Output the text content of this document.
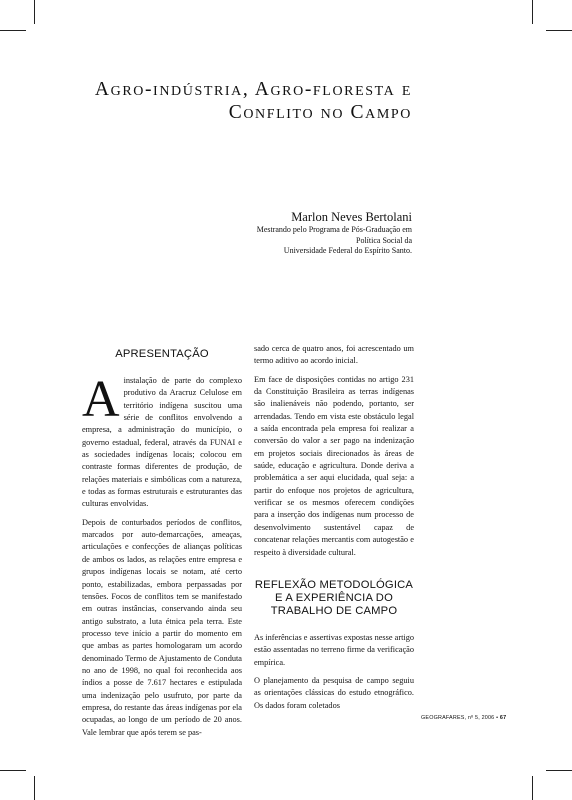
Agro-indústria, Agro-floresta e
Conflito no Campo
Marlon Neves Bertolani
Mestrando pelo Programa de Pós-Graduação em
Política Social da
Universidade Federal do Espírito Santo.
APRESENTAÇÃO

Ainstalação de parte do complexo produtivo da Aracruz Celulose em território indígena suscitou uma série de conflitos envolvendo a empresa, a administração do município, o governo estadual, federal, através da FUNAI e as sociedades indígenas locais; colocou em contraste formas diferentes de produção, de relações materiais e simbólicas com a natureza, e todas as formas estruturais e estruturantes das culturas envolvidas.

Depois de conturbados períodos de conflitos, marcados por auto-demarcações, ameaças, articulações e confecções de alianças políticas de ambos os lados, as relações entre empresa e grupos indígenas locais se notam, até certo ponto, estabilizadas, embora perpassadas por tensões. Focos de conflitos tem se manifestado em outras instâncias, conservando ainda seu antigo substrato, a luta étnica pela terra. Este processo teve início a partir do momento em que ambas as partes homologaram um acordo denominado Termo de Ajustamento de Conduta no ano de 1998, no qual foi reconhecida aos índios a posse de 7.617 hectares e estipulada uma indenização pelo usufruto, por parte da empresa, do restante das áreas indígenas por ela ocupadas, ao longo de um período de 20 anos. Vale lembrar que após terem se pas-

sado cerca de quatro anos, foi acrescentado um termo aditivo ao acordo inicial.

Em face de disposições contidas no artigo 231 da Constituição Brasileira as terras indígenas são inalienáveis não podendo, portanto, ser arrendadas. Tendo em vista este obstáculo legal a saída encontrada pela empresa foi realizar a conversão do valor a ser pago na indenização em projetos sociais direcionados às áreas de saúde, educação e agricultura. Donde deriva a problemática a ser aqui elucidada, qual seja: a partir do enfoque nos projetos de agricultura, verificar se os mesmos oferecem condições para a inserção dos indígenas num processo de desenvolvimento sustentável capaz de concatenar relações mercantis com autogestão e respeito à diversidade cultural.

REFLEXÃO METODOLÓGICA
E A EXPERIÊNCIA DO
TRABALHO DE CAMPO

As inferências e assertivas expostas nesse artigo estão assentadas no terreno firme da verificação empírica.

O planejamento da pesquisa de campo seguiu as orientações clássicas do estudo etnográfico. Os dados foram coletados

GEOGRAFARES, nº 5, 2006 • 67
